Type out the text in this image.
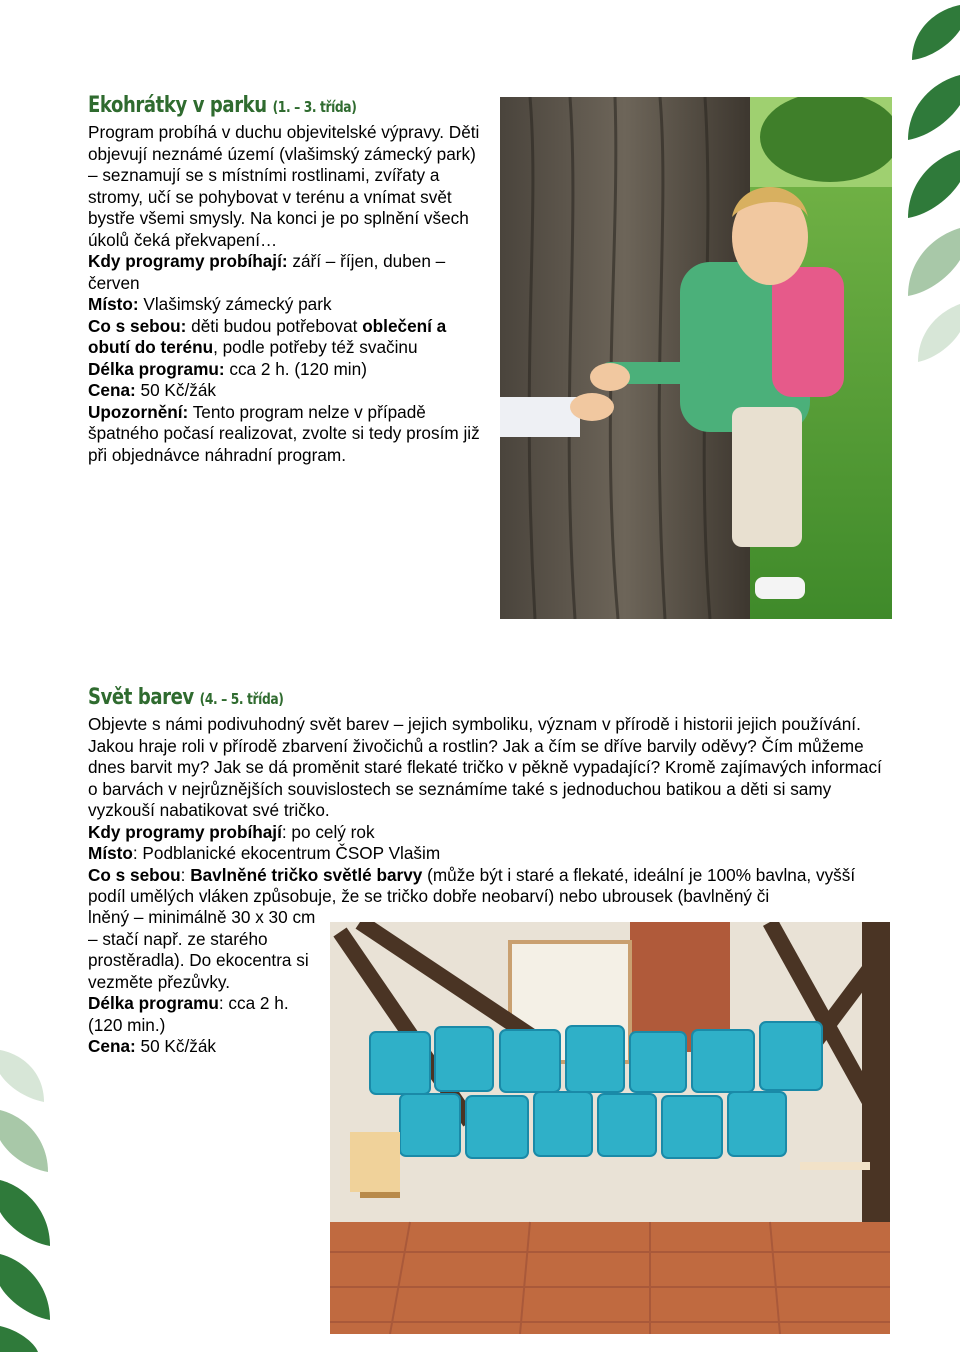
Ekohrátky v parku (1. – 3. třída)

Program probíhá v duchu objevitelské výpravy. Děti objevují neznámé území (vlašimský zámecký park) – seznamují se s místními rostlinami, zvířaty a stromy, učí se pohybovat v terénu a vnímat svět bystře všemi smysly. Na konci je po splnění všech úkolů čeká překvapení…

Kdy programy probíhají: září – říjen, duben – červen

Místo: Vlašimský zámecký park

Co s sebou: děti budou potřebovat oblečení a obutí do terénu, podle potřeby též svačinu

Délka programu: cca 2 h. (120 min)

Cena: 50 Kč/žák

Upozornění: Tento program nelze v případě špatného počasí realizovat, zvolte si tedy prosím již při objednávce náhradní program.

Svět barev (4. – 5. třída)

Objevte s námi podivuhodný svět barev – jejich symboliku, význam v přírodě i historii jejich používání. Jakou hraje roli v přírodě zbarvení živočichů a rostlin? Jak a čím se dříve barvily oděvy? Čím můžeme dnes barvit my? Jak se dá proměnit staré flekaté tričko v pěkně vypadající? Kromě zajímavých informací o barvách v nejrůznějších souvislostech se seznámíme také s jednoduchou batikou a děti si samy vyzkouší nabatikovat své tričko.

Kdy programy probíhají: po celý rok

Místo: Podblanické ekocentrum ČSOP Vlašim

Co s sebou: Bavlněné tričko světlé barvy (může být i staré a flekaté, ideální je 100% bavlna, vyšší podíl umělých vláken způsobuje, že se tričko dobře neobarví) nebo ubrousek (bavlněný či

lněný – minimálně 30 x 30 cm – stačí např. ze starého prostěradla). Do ekocentra si vezměte přezůvky.

Délka programu: cca 2 h. (120 min.)

Cena: 50 Kč/žák
